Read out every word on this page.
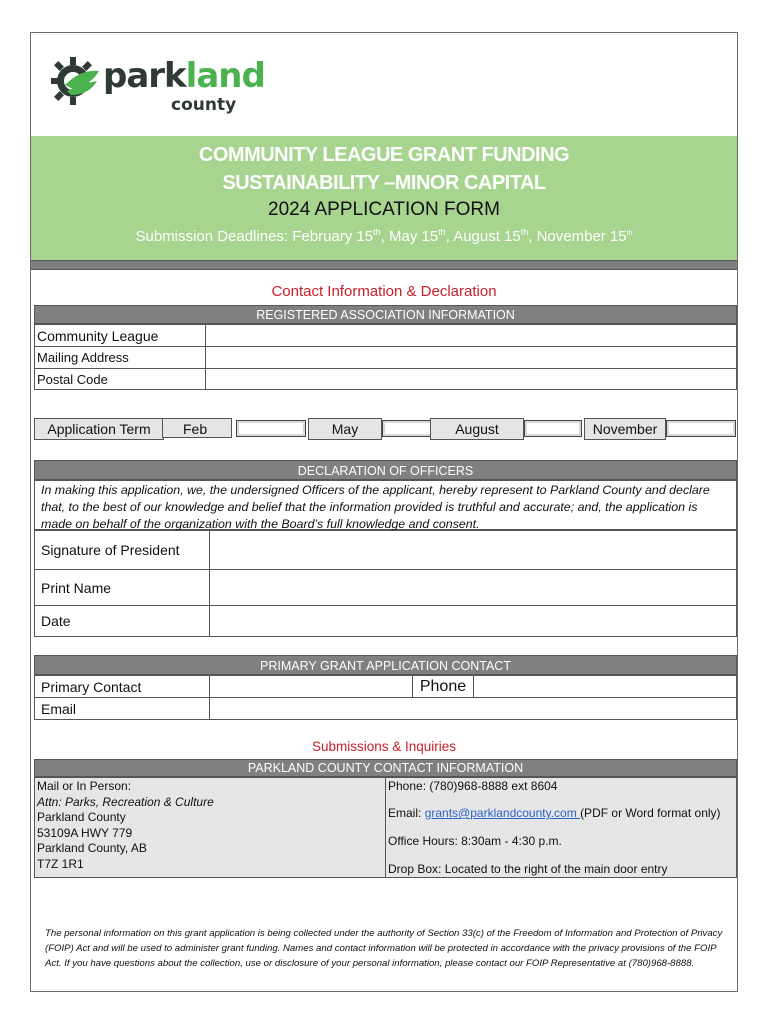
parkland
county
COMMUNITY LEAGUE GRANT FUNDING
SUSTAINABILITY –MINOR CAPITAL
2024 APPLICATION FORM
Submission Deadlines: February 15th, May 15th, August 15th, November 15th
Contact Information & Declaration
REGISTERED ASSOCIATION INFORMATION
Community League	
Mailing Address	
Postal Code	
Application Term	Feb	May	August	November
DECLARATION OF OFFICERS
In making this application, we, the undersigned Officers of the applicant, hereby represent to Parkland County and declare that, to the best of our knowledge and belief that the information provided is truthful and accurate; and, the application is made on behalf of the organization with the Board’s full knowledge and consent.
Signature of President	
Print Name	
Date	
PRIMARY GRANT APPLICATION CONTACT
Primary Contact		Phone	
Email			
Submissions & Inquiries
PARKLAND COUNTY CONTACT INFORMATION
Mail or In Person:
Attn: Parks, Recreation & Culture
Parkland County
53109A HWY 779
Parkland County, AB
T7Z 1R1
Phone: (780)968-8888 ext 8604
Email: grants@parklandcounty.com (PDF or Word format only)
Office Hours: 8:30am - 4:30 p.m.
Drop Box: Located to the right of the main door entry
The personal information on this grant application is being collected under the authority of Section 33(c) of the Freedom of Information and Protection of Privacy (FOIP) Act and will be used to administer grant funding. Names and contact information will be protected in accordance with the privacy provisions of the FOIP Act. If you have questions about the collection, use or disclosure of your personal information, please contact our FOIP Representative at (780)968-8888.
